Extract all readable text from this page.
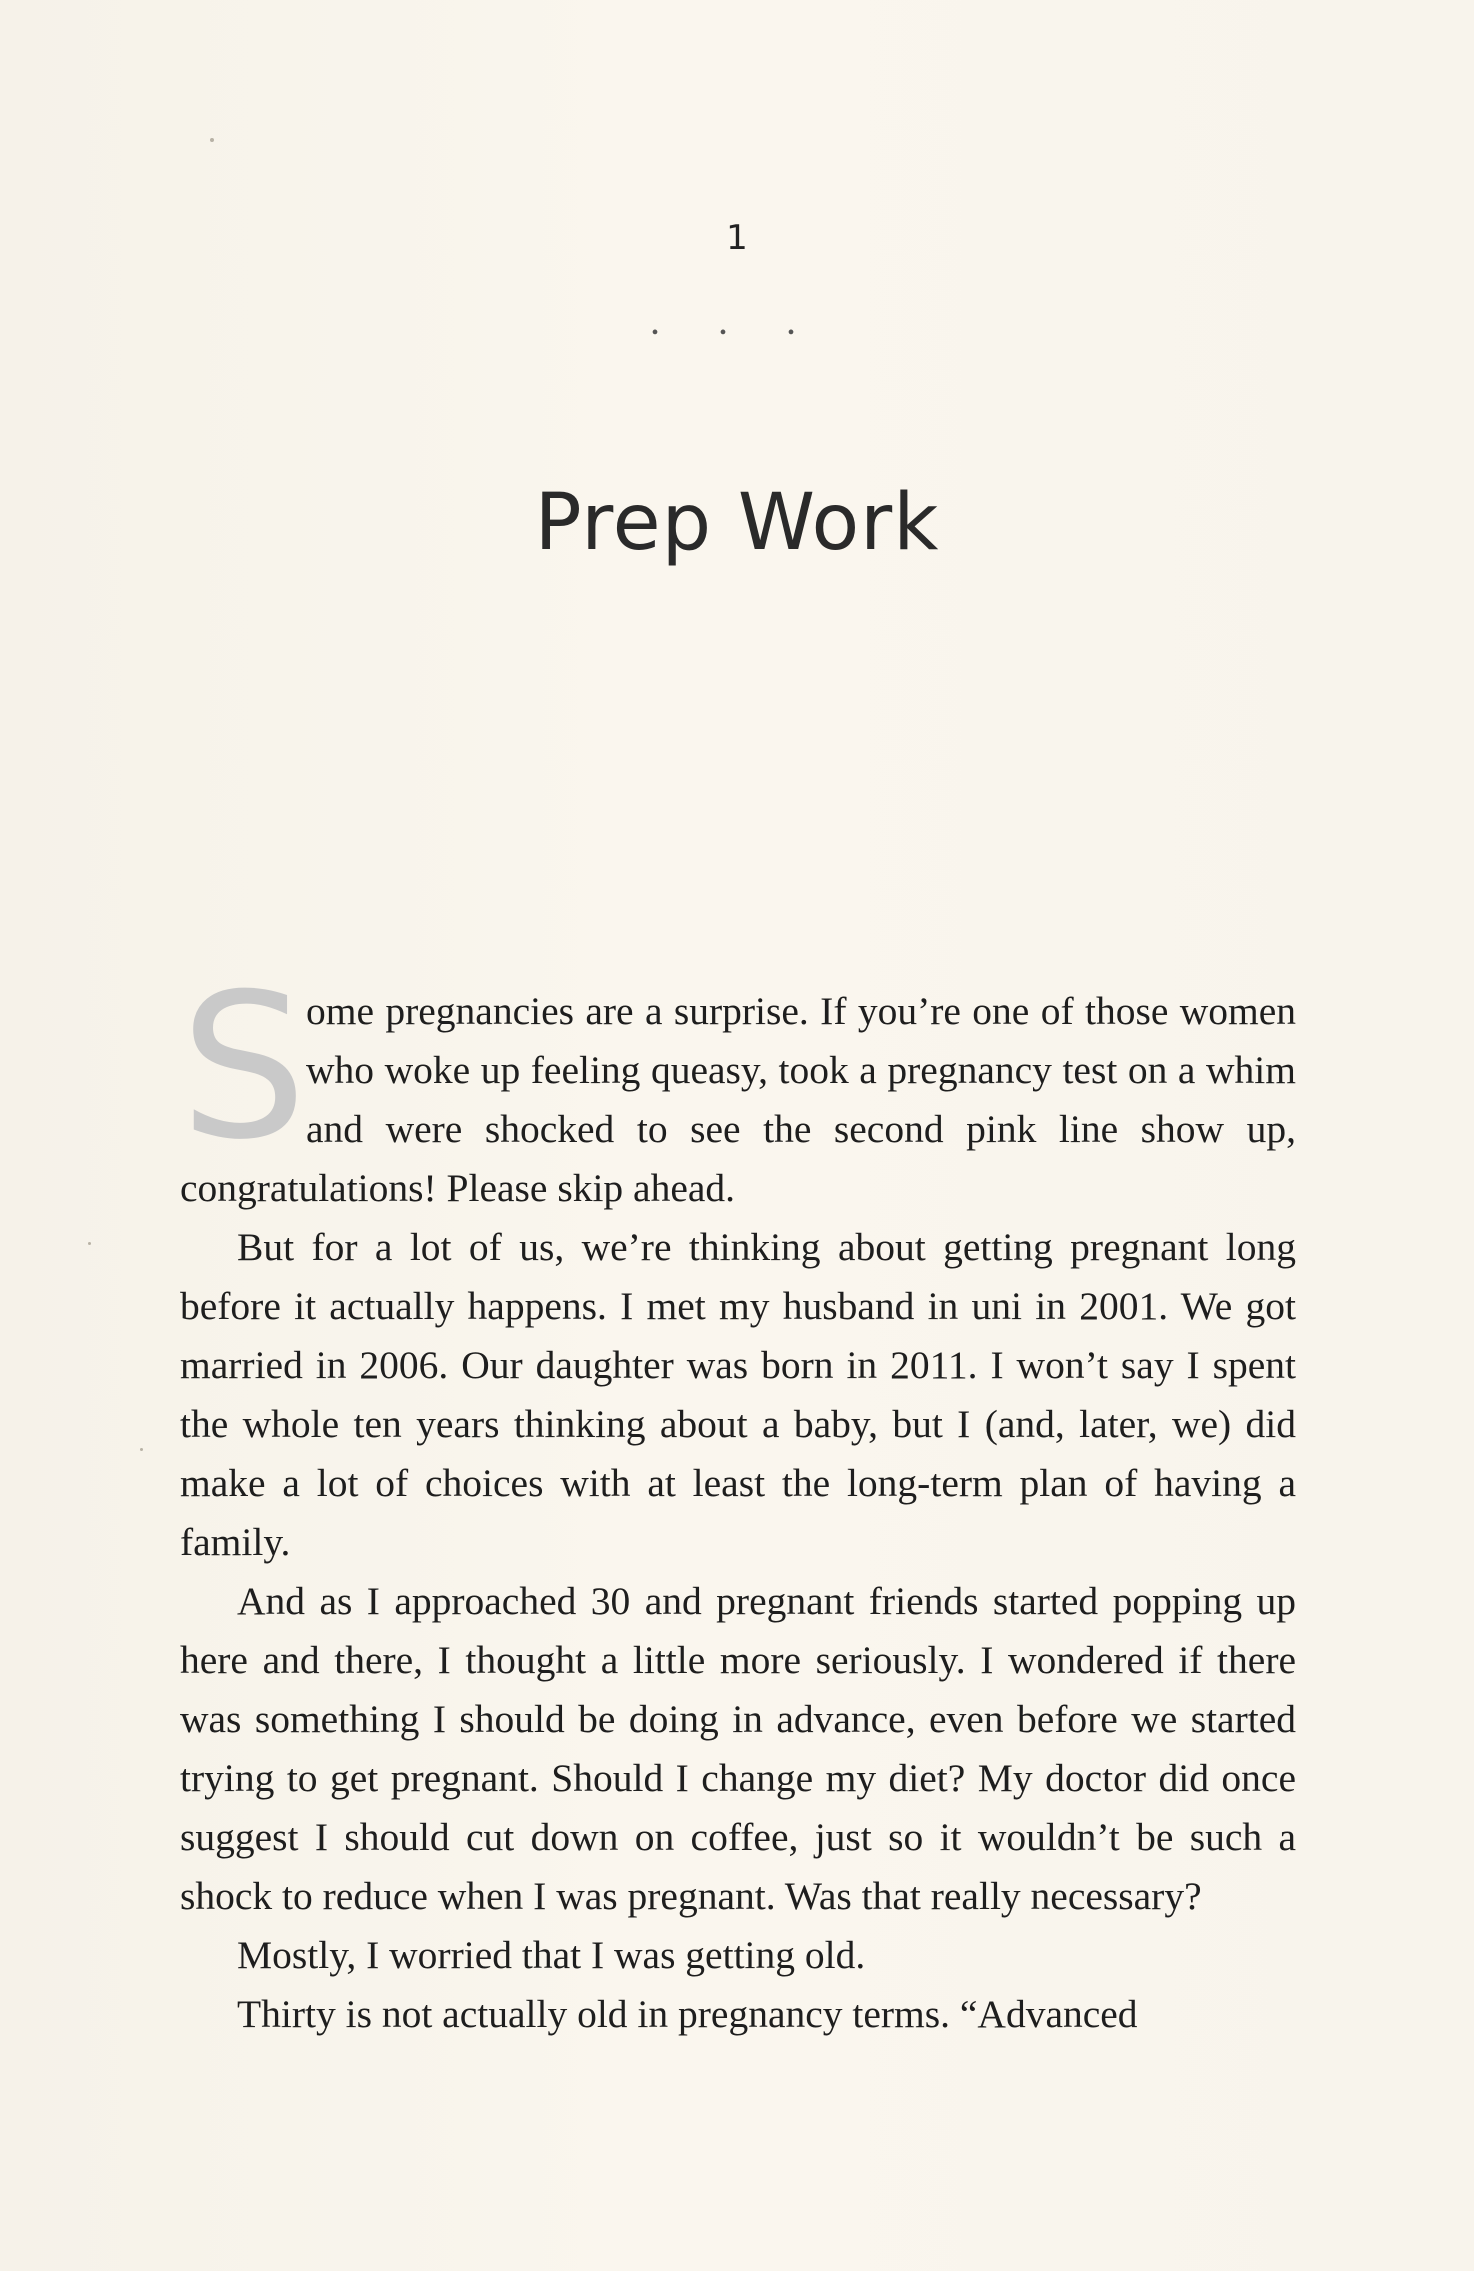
1
• • •
Prep Work

Some pregnancies are a surprise. If you’re one of those women who woke up feeling queasy, took a pregnancy test on a whim and were shocked to see the second pink line show up, congratulations! Please skip ahead.

But for a lot of us, we’re thinking about getting pregnant long before it actually happens. I met my husband in uni in 2001. We got married in 2006. Our daughter was born in 2011. I won’t say I spent the whole ten years thinking about a baby, but I (and, later, we) did make a lot of choices with at least the long-term plan of having a family.

And as I approached 30 and pregnant friends started popping up here and there, I thought a little more seriously. I wondered if there was something I should be doing in advance, even before we started trying to get pregnant. Should I change my diet? My doctor did once suggest I should cut down on coffee, just so it wouldn’t be such a shock to reduce when I was pregnant. Was that really necessary?

Mostly, I worried that I was getting old.

Thirty is not actually old in pregnancy terms. “Advanced
